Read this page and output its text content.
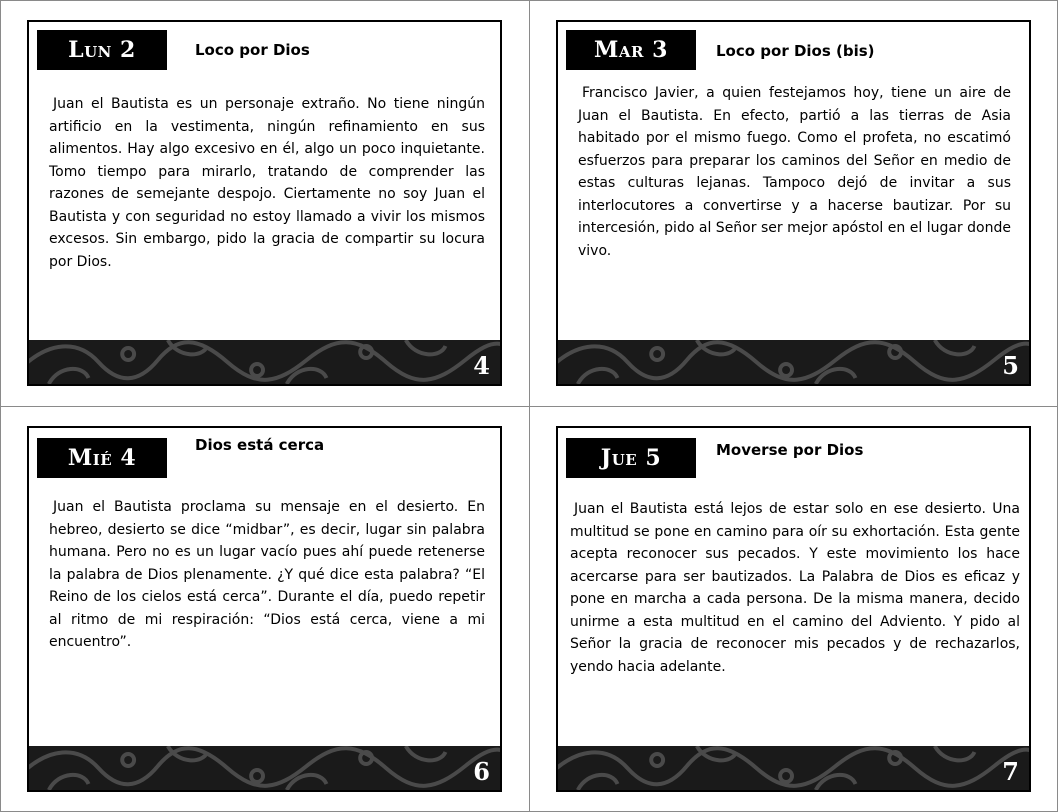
Lun 2	Loco por Dios
Juan el Bautista es un personaje extraño. No tiene ningún artificio en la vestimenta, ningún refinamiento en sus alimentos. Hay algo excesivo en él, algo un poco inquietante. Tomo tiempo para mirarlo, tratando de comprender las razones de semejante despojo. Ciertamente no soy Juan el Bautista y con seguridad no estoy llamado a vivir los mismos excesos. Sin embargo, pido la gracia de compartir su locura por Dios.
4
Mar 3	Loco por Dios (bis)
Francisco Javier, a quien festejamos hoy, tiene un aire de Juan el Bautista. En efecto, partió a las tierras de Asia habitado por el mismo fuego. Como el profeta, no escatimó esfuerzos para preparar los caminos del Señor en medio de estas culturas lejanas. Tampoco dejó de invitar a sus interlocutores a convertirse y a hacerse bautizar. Por su intercesión, pido al Señor ser mejor apóstol en el lugar donde vivo.
5
Mié 4	Dios está cerca
Juan el Bautista proclama su mensaje en el desierto. En hebreo, desierto se dice “midbar”, es decir, lugar sin palabra humana. Pero no es un lugar vacío pues ahí puede retenerse la palabra de Dios plenamente. ¿Y qué dice esta palabra? “El Reino de los cielos está cerca”. Durante el día, puedo repetir al ritmo de mi respiración: “Dios está cerca, viene a mi encuentro”.
6
Jue 5	Moverse por Dios
Juan el Bautista está lejos de estar solo en ese desierto. Una multitud se pone en camino para oír su exhortación. Esta gente acepta reconocer sus pecados. Y este movimiento los hace acercarse para ser bautizados. La Palabra de Dios es eficaz y pone en marcha a cada persona. De la misma manera, decido unirme a esta multitud en el camino del Adviento. Y pido al Señor la gracia de reconocer mis pecados y de rechazarlos, yendo hacia adelante.
7
